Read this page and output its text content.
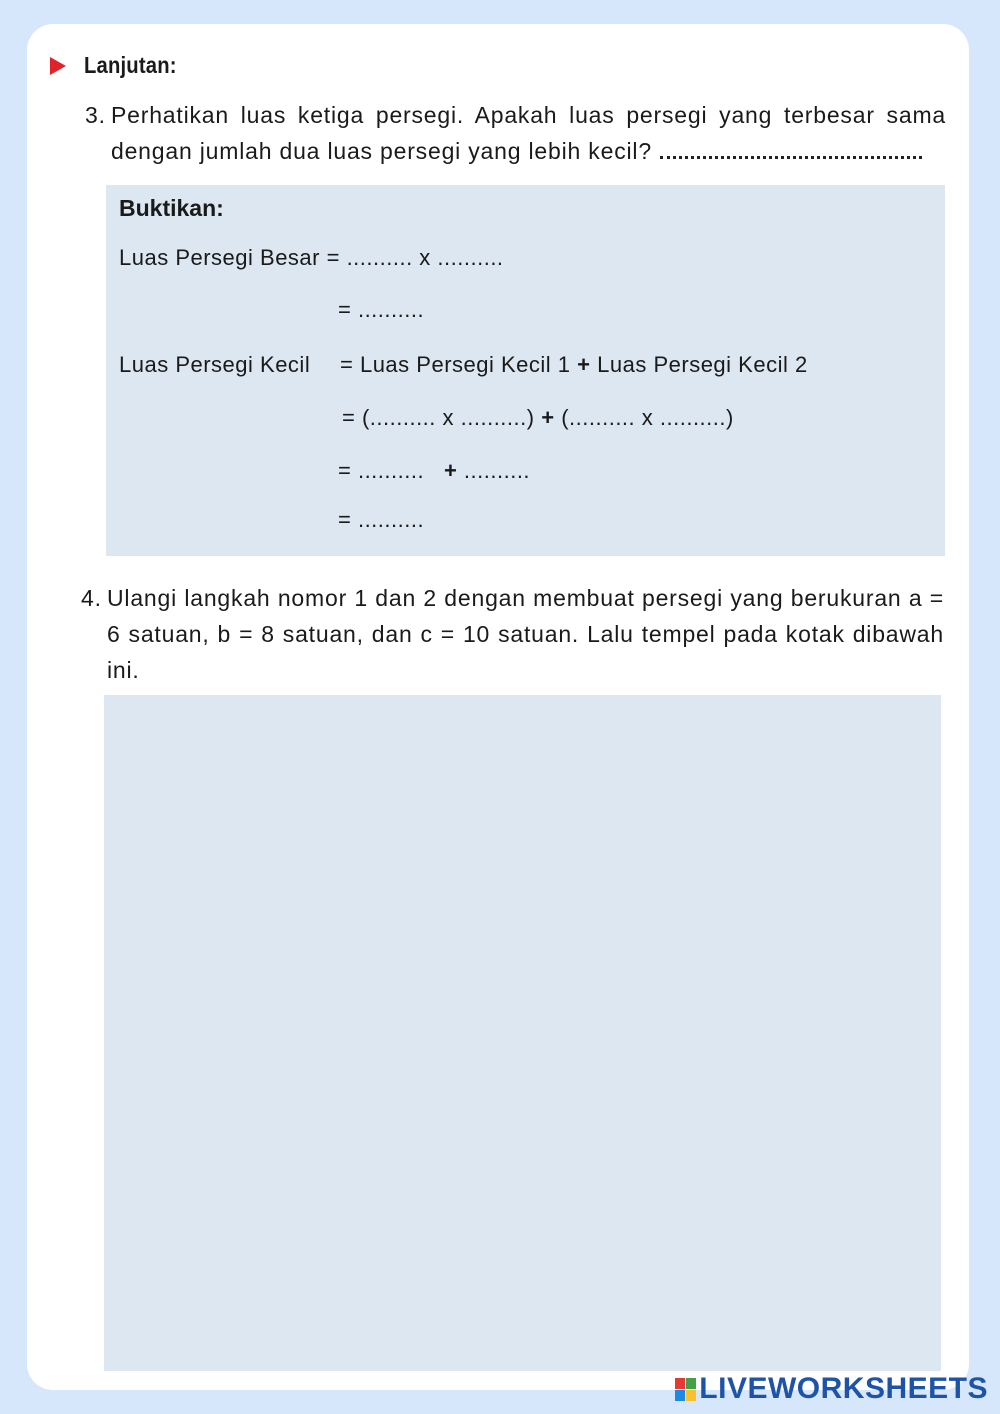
Lanjutan:
3. Perhatikan luas ketiga persegi. Apakah luas persegi yang terbesar sama dengan jumlah dua luas persegi yang lebih kecil?
Buktikan:
Luas Persegi Besar = .......... x ..........
= ..........
Luas Persegi Kecil = Luas Persegi Kecil 1 + Luas Persegi Kecil 2
= (.......... x ..........) + (.......... x ..........)
= .......... + ..........
= ..........
4. Ulangi langkah nomor 1 dan 2 dengan membuat persegi yang berukuran a = 6 satuan, b = 8 satuan, dan c = 10 satuan. Lalu tempel pada kotak dibawah ini.
LIVEWORKSHEETS
